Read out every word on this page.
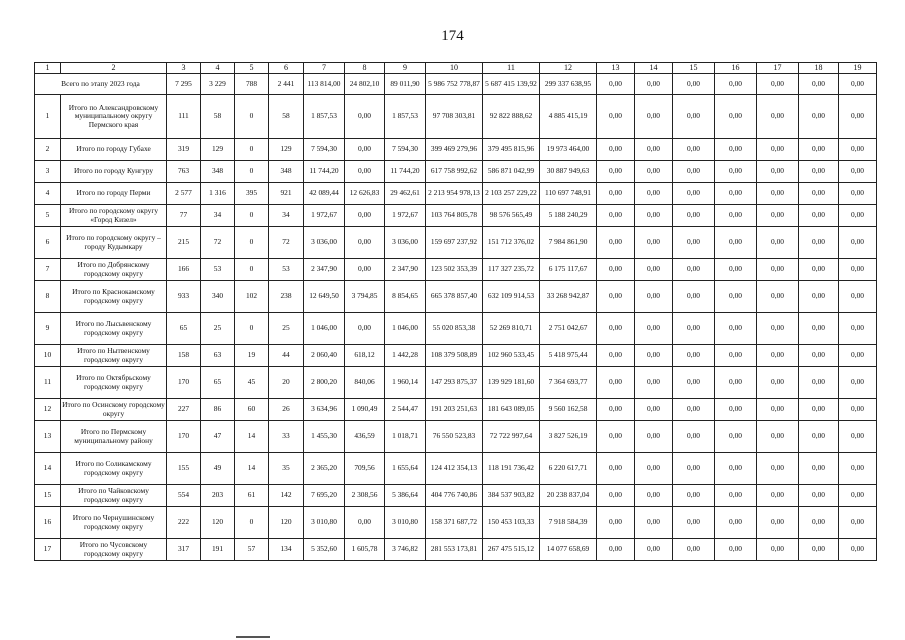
174
1	2	3	4	5	6	7	8	9	10	11	12	13	14	15	16	17	18	19
Всего по этапу 2023 года		7 295	3 229	788	2 441	113 814,00	24 802,10	89 011,90	5 986 752 778,87	5 687 415 139,92	299 337 638,95	0,00	0,00	0,00	0,00	0,00	0,00	0,00
1	Итого по Александровскому муниципальному округу Пермского края	111	58	0	58	1 857,53	0,00	1 857,53	97 708 303,81	92 822 888,62	4 885 415,19	0,00	0,00	0,00	0,00	0,00	0,00	0,00
2	Итого по городу Губахе	319	129	0	129	7 594,30	0,00	7 594,30	399 469 279,96	379 495 815,96	19 973 464,00	0,00	0,00	0,00	0,00	0,00	0,00	0,00
3	Итого по городу Кунгуру	763	348	0	348	11 744,20	0,00	11 744,20	617 758 992,62	586 871 042,99	30 887 949,63	0,00	0,00	0,00	0,00	0,00	0,00	0,00
4	Итого по городу Перми	2 577	1 316	395	921	42 089,44	12 626,83	29 462,61	2 213 954 978,13	2 103 257 229,22	110 697 748,91	0,00	0,00	0,00	0,00	0,00	0,00	0,00
5	Итого по городскому округу «Город Кизел»	77	34	0	34	1 972,67	0,00	1 972,67	103 764 805,78	98 576 565,49	5 188 240,29	0,00	0,00	0,00	0,00	0,00	0,00	0,00
6	Итого по городскому округу – городу Кудымкару	215	72	0	72	3 036,00	0,00	3 036,00	159 697 237,92	151 712 376,02	7 984 861,90	0,00	0,00	0,00	0,00	0,00	0,00	0,00
7	Итого по Добрянскому городскому округу	166	53	0	53	2 347,90	0,00	2 347,90	123 502 353,39	117 327 235,72	6 175 117,67	0,00	0,00	0,00	0,00	0,00	0,00	0,00
8	Итого по Краснокамскому городскому округу	933	340	102	238	12 649,50	3 794,85	8 854,65	665 378 857,40	632 109 914,53	33 268 942,87	0,00	0,00	0,00	0,00	0,00	0,00	0,00
9	Итого по Лысьвенскому городскому округу	65	25	0	25	1 046,00	0,00	1 046,00	55 020 853,38	52 269 810,71	2 751 042,67	0,00	0,00	0,00	0,00	0,00	0,00	0,00
10	Итого по Нытвенскому городскому округу	158	63	19	44	2 060,40	618,12	1 442,28	108 379 508,89	102 960 533,45	5 418 975,44	0,00	0,00	0,00	0,00	0,00	0,00	0,00
11	Итого по Октябрьскому городскому округу	170	65	45	20	2 800,20	840,06	1 960,14	147 293 875,37	139 929 181,60	7 364 693,77	0,00	0,00	0,00	0,00	0,00	0,00	0,00
12	Итого по Осинскому городскому округу	227	86	60	26	3 634,96	1 090,49	2 544,47	191 203 251,63	181 643 089,05	9 560 162,58	0,00	0,00	0,00	0,00	0,00	0,00	0,00
13	Итого по Пермскому муниципальному району	170	47	14	33	1 455,30	436,59	1 018,71	76 550 523,83	72 722 997,64	3 827 526,19	0,00	0,00	0,00	0,00	0,00	0,00	0,00
14	Итого по Соликамскому городскому округу	155	49	14	35	2 365,20	709,56	1 655,64	124 412 354,13	118 191 736,42	6 220 617,71	0,00	0,00	0,00	0,00	0,00	0,00	0,00
15	Итого по Чайковскому городскому округу	554	203	61	142	7 695,20	2 308,56	5 386,64	404 776 740,86	384 537 903,82	20 238 837,04	0,00	0,00	0,00	0,00	0,00	0,00	0,00
16	Итого по Чернушинскому городскому округу	222	120	0	120	3 010,80	0,00	3 010,80	158 371 687,72	150 453 103,33	7 918 584,39	0,00	0,00	0,00	0,00	0,00	0,00	0,00
17	Итого по Чусовскому городскому округу	317	191	57	134	5 352,60	1 605,78	3 746,82	281 553 173,81	267 475 515,12	14 077 658,69	0,00	0,00	0,00	0,00	0,00	0,00	0,00
